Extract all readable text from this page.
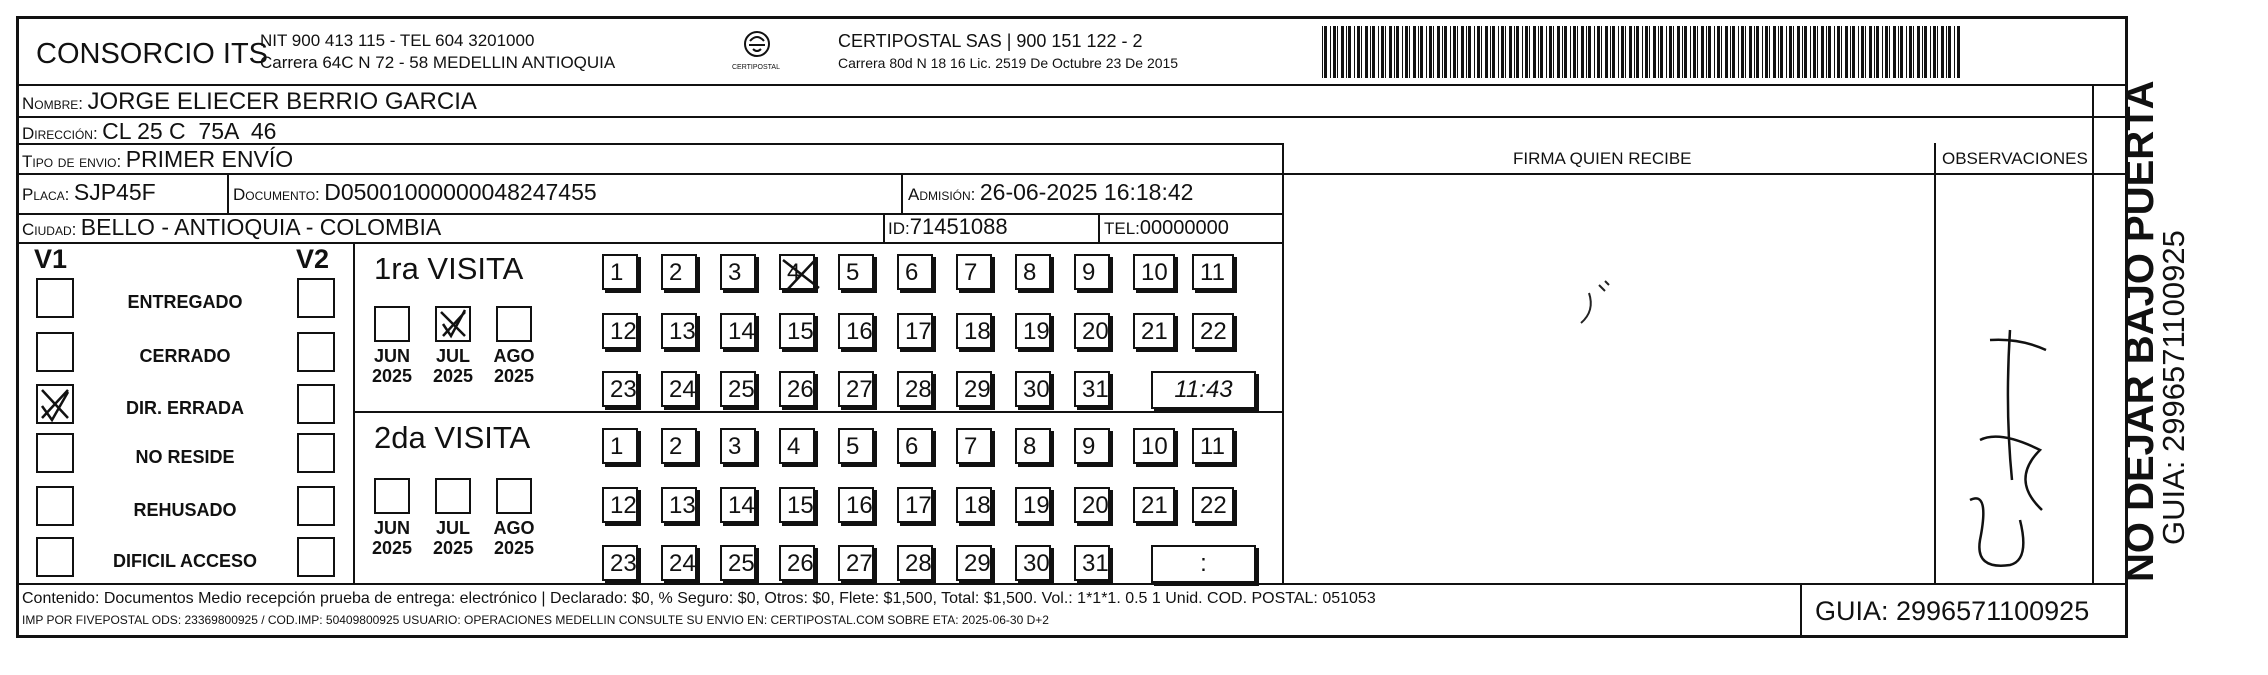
CONSORCIO ITS
NIT 900 413 115 - TEL 604 3201000
Carrera 64C N 72 - 58 MEDELLIN ANTIOQUIA	CERTIPOSTAL
CERTIPOSTAL SAS | 900 151 122 - 2
Carrera 80d N 18 16 Lic. 2519 De Octubre 23 De 2015
Nombre: JORGE ELIECER BERRIO GARCIA
Dirección: CL 25 C  75A  46
Tipo de envio: PRIMER ENVÍO
Placa: SJP45F	Documento: D05001000000048247455	Admisión: 26-06-2025 16:18:42
Ciudad: BELLO - ANTIOQUIA - COLOMBIA	ID:71451088	TEL:00000000
FIRMA QUIEN RECIBE	OBSERVACIONES
V1	V2
ENTREGADO
CERRADO
DIR. ERRADA
NO RESIDE
REHUSADO
DIFICIL ACCESO
1ra VISITA
2da VISITA
JUN
2025
JUL
2025
AGO
2025
1	2	3	4	5	6	7	8	9	10	11
12	13	14	15	16	17	18	19	20	21	22
23	24	25	26	27	28	29	30	31	11:43
JUN
2025
JUL
2025
AGO
2025
1	2	3	4	5	6	7	8	9	10	11
12	13	14	15	16	17	18	19	20	21	22
23	24	25	26	27	28	29	30	31	:
Contenido: Documentos Medio recepción prueba de entrega: electrónico | Declarado: $0, % Seguro: $0, Otros: $0, Flete: $1,500, Total: $1,500. Vol.: 1*1*1. 0.5 1 Unid. COD. POSTAL: 051053
IMP POR FIVEPOSTAL ODS: 23369800925 / COD.IMP: 50409800925 USUARIO: OPERACIONES MEDELLIN CONSULTE SU ENVIO EN: CERTIPOSTAL.COM SOBRE ETA: 2025-06-30 D+2	GUIA: 2996571100925
NO DEJAR BAJO PUERTA
GUIA: 2996571100925
